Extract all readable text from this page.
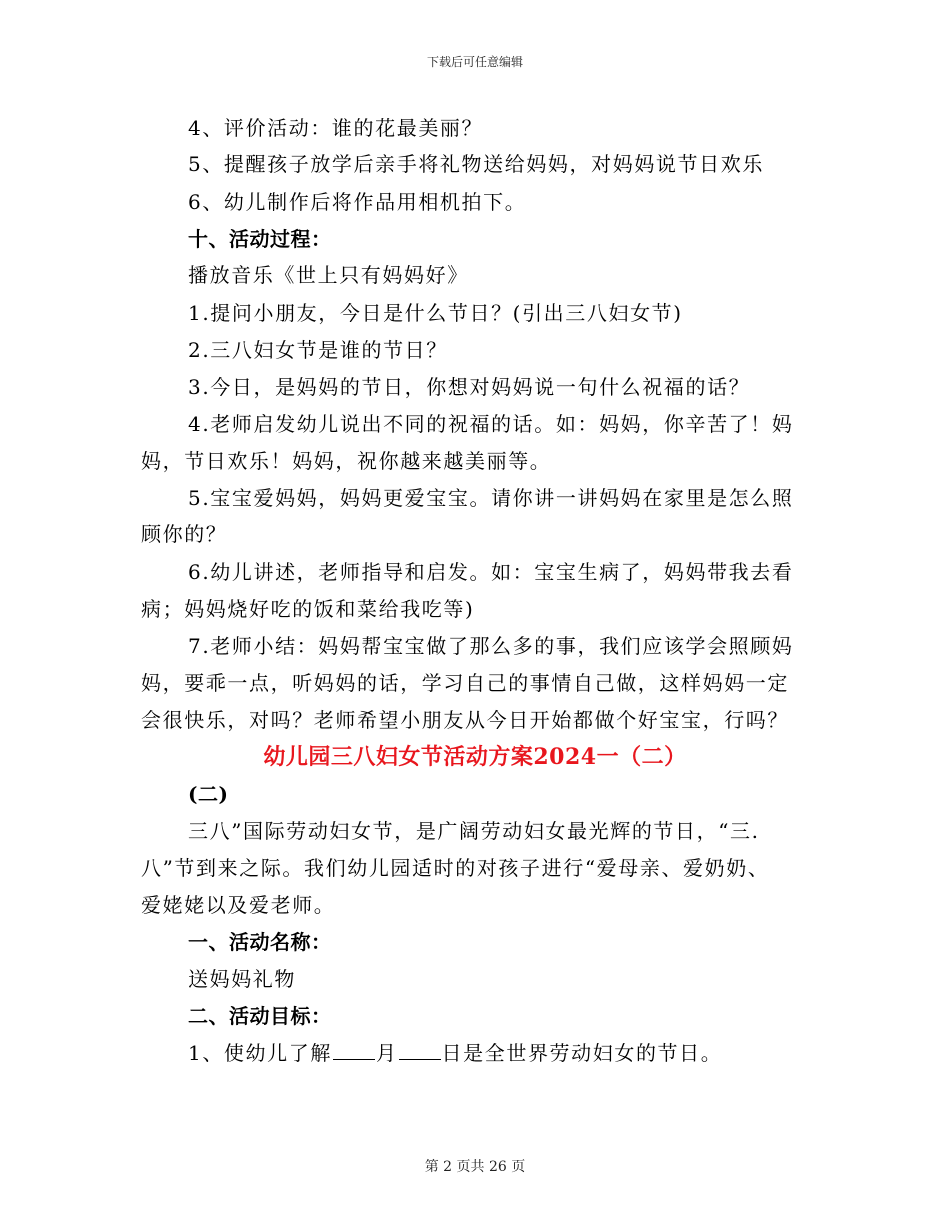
下载后可任意编辑
4、评价活动：谁的花最美丽？
5、提醒孩子放学后亲手将礼物送给妈妈，对妈妈说节日欢乐
6、幼儿制作后将作品用相机拍下。
十、活动过程：
播放音乐《世上只有妈妈好》
1.提问小朋友，今日是什么节日？(引出三八妇女节)
2.三八妇女节是谁的节日？
3.今日，是妈妈的节日，你想对妈妈说一句什么祝福的话？
4.老师启发幼儿说出不同的祝福的话。如：妈妈，你辛苦了！妈
妈，节日欢乐！妈妈，祝你越来越美丽等。
5.宝宝爱妈妈，妈妈更爱宝宝。请你讲一讲妈妈在家里是怎么照
顾你的？
6.幼儿讲述，老师指导和启发。如：宝宝生病了，妈妈带我去看
病；妈妈烧好吃的饭和菜给我吃等)
7.老师小结：妈妈帮宝宝做了那么多的事，我们应该学会照顾妈
妈，要乖一点，听妈妈的话，学习自己的事情自己做，这样妈妈一定
会很快乐，对吗？老师希望小朋友从今日开始都做个好宝宝，行吗？
幼儿园三八妇女节活动方案2024一（二）
(二)
三八”国际劳动妇女节，是广阔劳动妇女最光辉的节日，“三.
八”节到来之际。我们幼儿园适时的对孩子进行“爱母亲、爱奶奶、
爱姥姥以及爱老师。
一、活动名称：
送妈妈礼物
二、活动目标：
1、使幼儿了解 月 日是全世界劳动妇女的节日。
第 2 页共 26 页
